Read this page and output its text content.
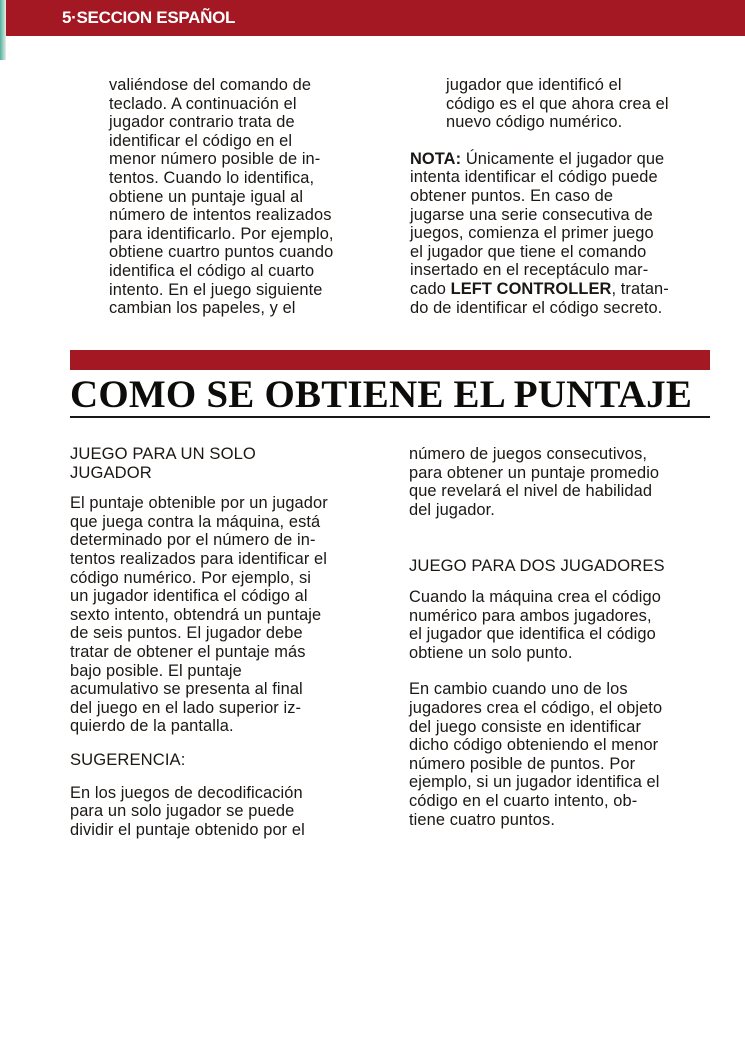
5·SECCION ESPAÑOL
valiéndose del comando de
teclado. A continuación el
jugador contrario trata de
identificar el código en el
menor número posible de in-
tentos. Cuando lo identifica,
obtiene un puntaje igual al
número de intentos realizados
para identificarlo. Por ejemplo,
obtiene cuartro puntos cuando
identifica el código al cuarto
intento. En el juego siguiente
cambian los papeles, y el
jugador que identificó el
código es el que ahora crea el
nuevo código numérico.
NOTA: Únicamente el jugador que
intenta identificar el código puede
obtener puntos. En caso de
jugarse una serie consecutiva de
juegos, comienza el primer juego
el jugador que tiene el comando
insertado en el receptáculo mar-
cado LEFT CONTROLLER, tratan-
do de identificar el código secreto.
COMO SE OBTIENE EL PUNTAJE
JUEGO PARA UN SOLO
JUGADOR
El puntaje obtenible por un jugador
que juega contra la máquina, está
determinado por el número de in-
tentos realizados para identificar el
código numérico. Por ejemplo, si
un jugador identifica el código al
sexto intento, obtendrá un puntaje
de seis puntos. El jugador debe
tratar de obtener el puntaje más
bajo posible. El puntaje
acumulativo se presenta al final
del juego en el lado superior iz-
quierdo de la pantalla.
SUGERENCIA:
En los juegos de decodificación
para un solo jugador se puede
dividir el puntaje obtenido por el
número de juegos consecutivos,
para obtener un puntaje promedio
que revelará el nivel de habilidad
del jugador.
JUEGO PARA DOS JUGADORES
Cuando la máquina crea el código
numérico para ambos jugadores,
el jugador que identifica el código
obtiene un solo punto.
En cambio cuando uno de los
jugadores crea el código, el objeto
del juego consiste en identificar
dicho código obteniendo el menor
número posible de puntos. Por
ejemplo, si un jugador identifica el
código en el cuarto intento, ob-
tiene cuatro puntos.
